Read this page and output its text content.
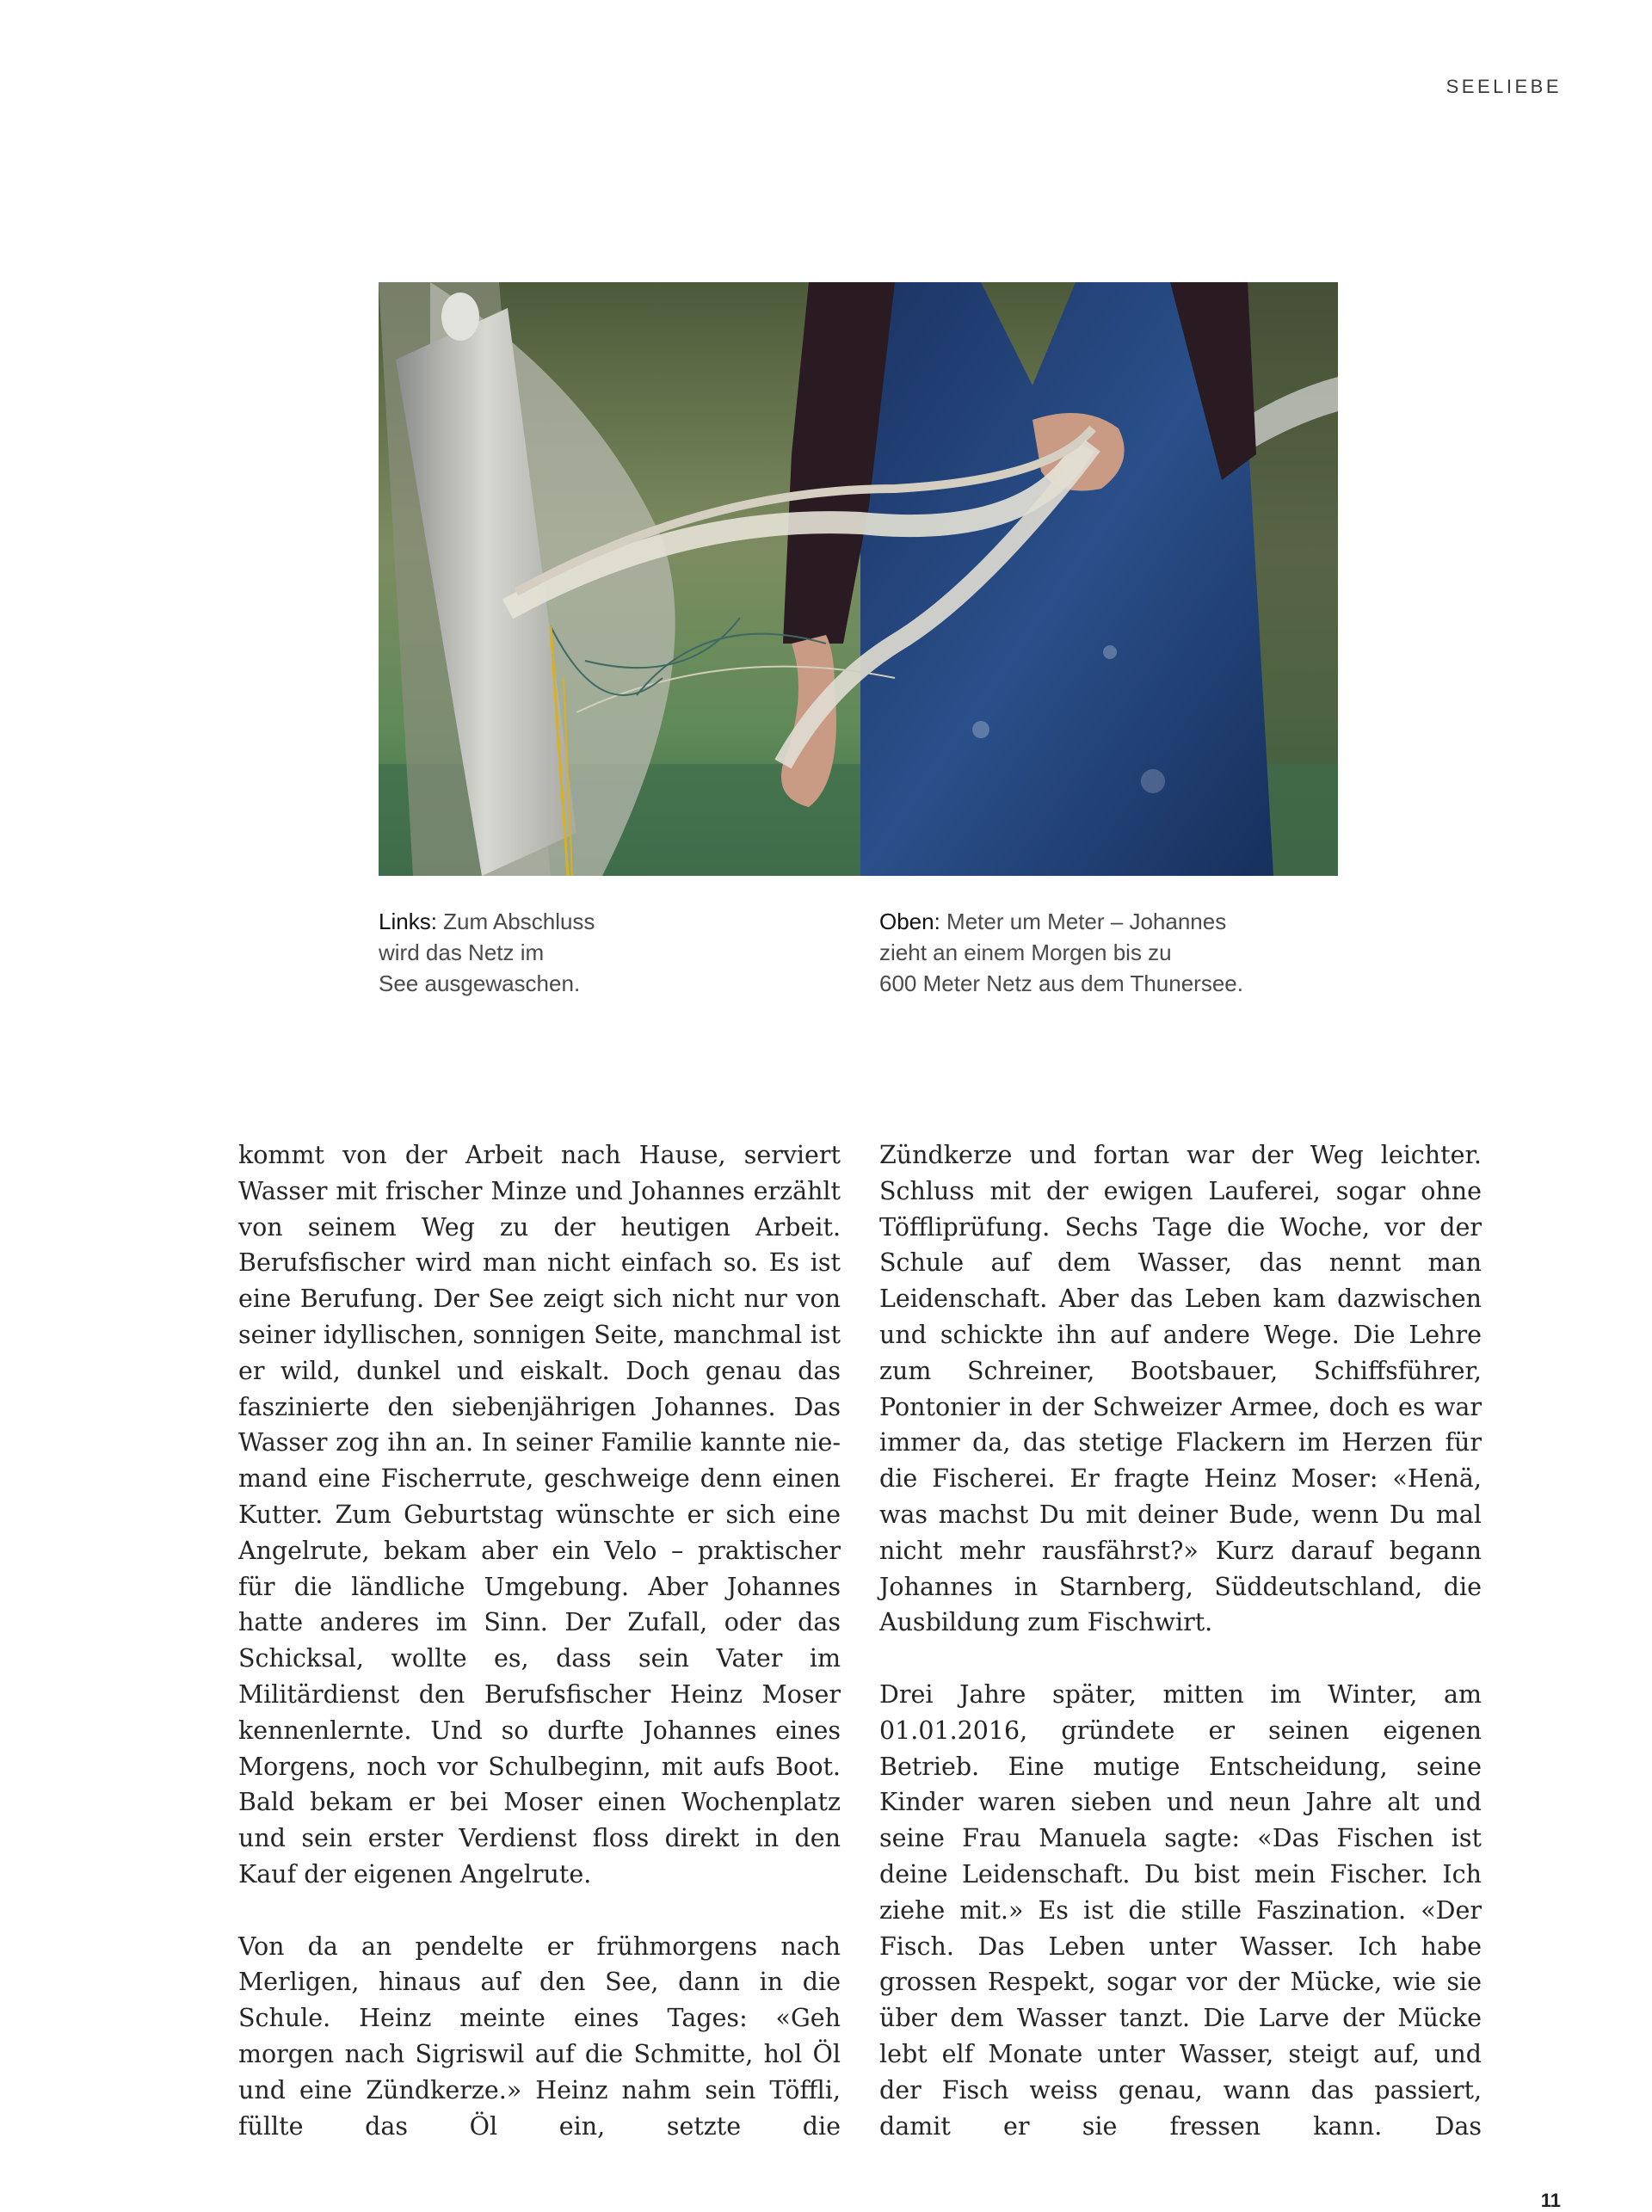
SEELIEBE
Links: Zum Abschluss
wird das Netz im
See ausgewaschen.
Oben: Meter um Meter – Johannes
zieht an einem Morgen bis zu
600 Meter Netz aus dem Thunersee.

kommt von der Arbeit nach Hause, serviert Wasser mit frischer Minze und Johannes erzählt von seinem Weg zu der heutigen Arbeit. Berufsfischer wird man nicht einfach so. Es ist eine Berufung. Der See zeigt sich nicht nur von seiner idyllischen, sonnigen Seite, manchmal ist er wild, dunkel und eiskalt. Doch genau das faszinierte den siebenjährigen Johannes. Das Wasser zog ihn an. In seiner Familie kannte niemand eine Fischerrute, geschweige denn einen Kutter. Zum Geburtstag wünschte er sich eine Angelrute, bekam aber ein Velo – praktischer für die ländliche Umgebung. Aber Johannes hatte anderes im Sinn. Der Zufall, oder das Schicksal, wollte es, dass sein Vater im Militärdienst den Berufsfischer Heinz Moser kennenlernte. Und so durfte Johannes eines Morgens, noch vor Schulbeginn, mit aufs Boot. Bald bekam er bei Moser einen Wochenplatz und sein erster Verdienst floss direkt in den Kauf der eigenen Angelrute.

Von da an pendelte er frühmorgens nach Merligen, hinaus auf den See, dann in die Schule. Heinz meinte eines Tages: «Geh morgen nach Sigriswil auf die Schmitte, hol Öl und eine Zündkerze.» Heinz nahm sein Töffli, füllte das Öl ein, setzte die

Zündkerze und fortan war der Weg leichter. Schluss mit der ewigen Lauferei, sogar ohne Töffliprüfung. Sechs Tage die Woche, vor der Schule auf dem Wasser, das nennt man Leidenschaft. Aber das Leben kam dazwischen und schickte ihn auf andere Wege. Die Lehre zum Schreiner, Bootsbauer, Schiffsführer, Pontonier in der Schweizer Armee, doch es war immer da, das stetige Flackern im Herzen für die Fischerei. Er fragte Heinz Moser: «Henä, was machst Du mit deiner Bude, wenn Du mal nicht mehr rausfährst?» Kurz darauf begann Johannes in Starnberg, Süddeutschland, die Ausbildung zum Fischwirt.

Drei Jahre später, mitten im Winter, am 01.01.2016, gründete er seinen eigenen Betrieb. Eine mutige Entscheidung, seine Kinder waren sieben und neun Jahre alt und seine Frau Manuela sagte: «Das Fischen ist deine Leidenschaft. Du bist mein Fischer. Ich ziehe mit.» Es ist die stille Faszination. «Der Fisch. Das Leben unter Wasser. Ich habe grossen Respekt, sogar vor der Mücke, wie sie über dem Wasser tanzt. Die Larve der Mücke lebt elf Monate unter Wasser, steigt auf, und der Fisch weiss genau, wann das passiert, damit er sie fressen kann. Das

11
